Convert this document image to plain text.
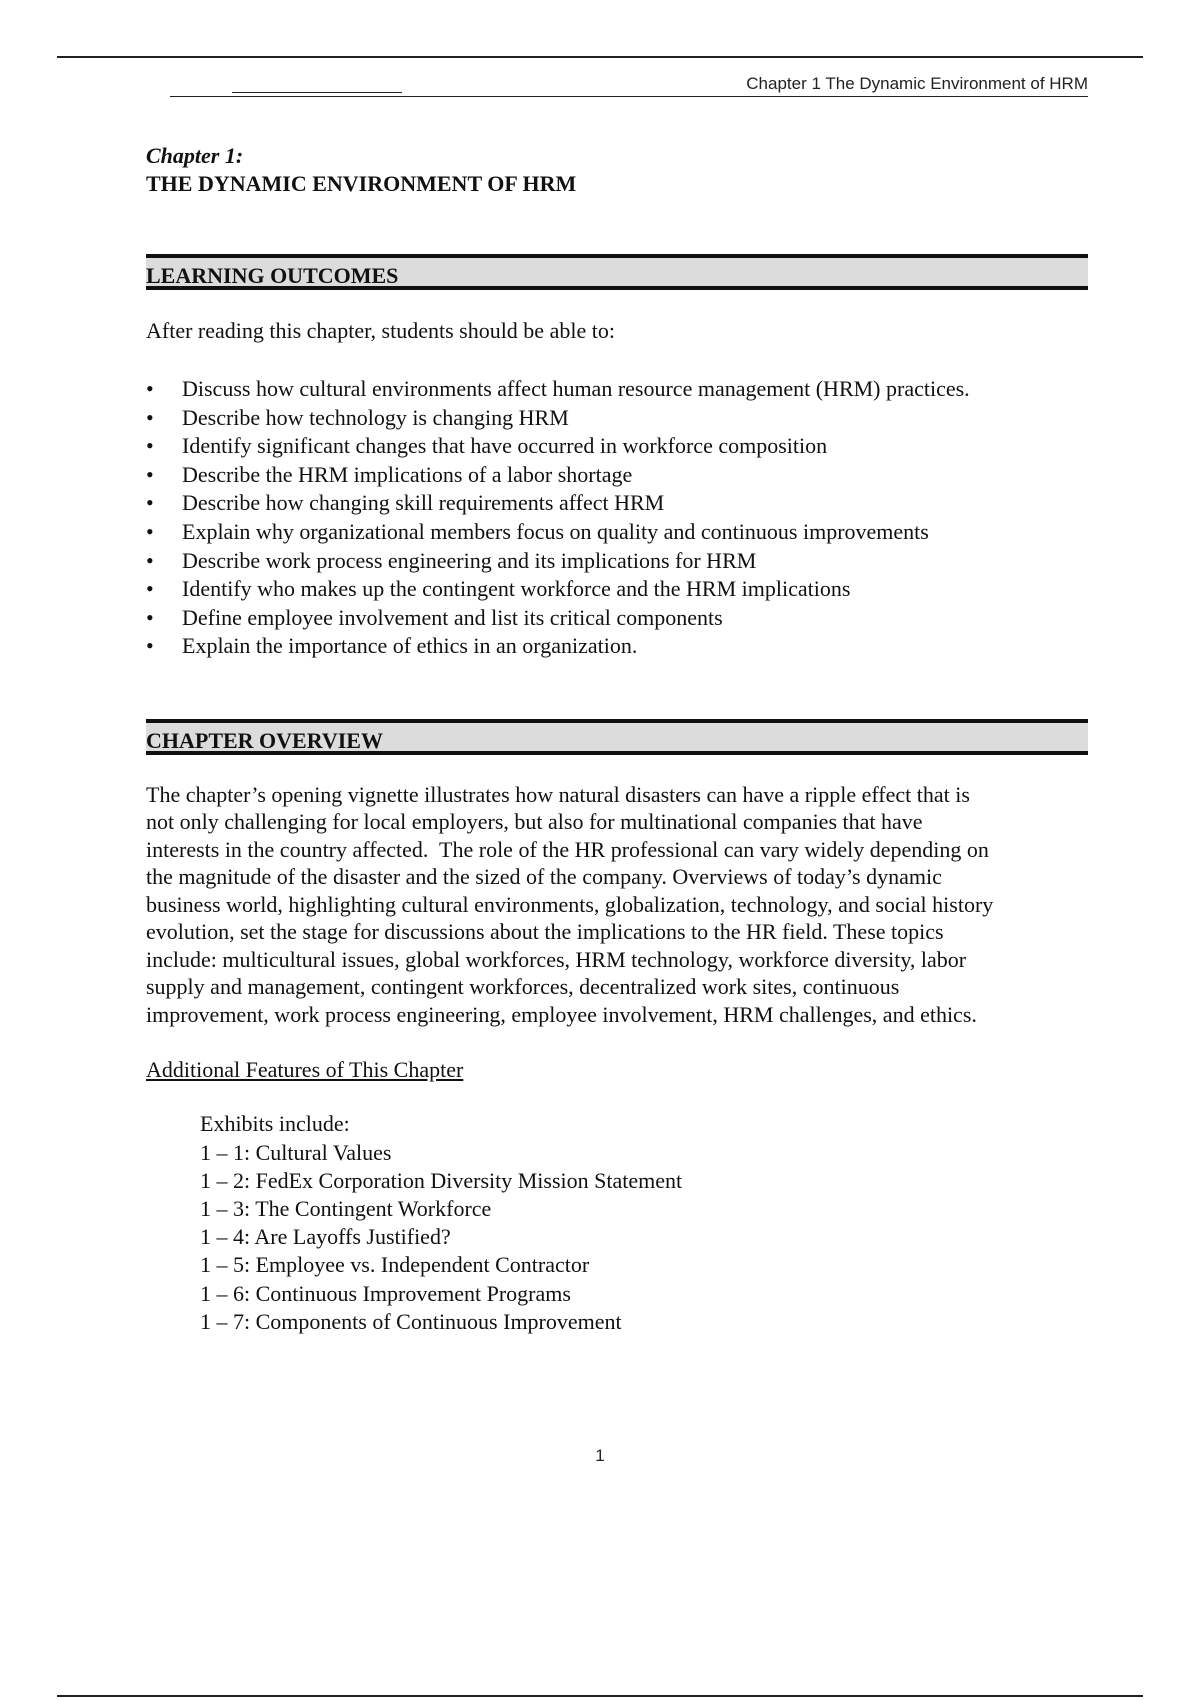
Chapter 1 The Dynamic Environment of HRM

Chapter 1:

THE DYNAMIC ENVIRONMENT OF HRM

LEARNING OUTCOMES

After reading this chapter, students should be able to:

• Discuss how cultural environments affect human resource management (HRM) practices.
• Describe how technology is changing HRM
• Identify significant changes that have occurred in workforce composition
• Describe the HRM implications of a labor shortage
• Describe how changing skill requirements affect HRM
• Explain why organizational members focus on quality and continuous improvements
• Describe work process engineering and its implications for HRM
• Identify who makes up the contingent workforce and the HRM implications
• Define employee involvement and list its critical components
• Explain the importance of ethics in an organization.
CHAPTER OVERVIEW
The chapter’s opening vignette illustrates how natural disasters can have a ripple effect that is
not only challenging for local employers, but also for multinational companies that have
interests in the country affected.  The role of the HR professional can vary widely depending on
the magnitude of the disaster and the sized of the company. Overviews of today’s dynamic
business world, highlighting cultural environments, globalization, technology, and social history
evolution, set the stage for discussions about the implications to the HR field. These topics
include: multicultural issues, global workforces, HRM technology, workforce diversity, labor
supply and management, contingent workforces, decentralized work sites, continuous
improvement, work process engineering, employee involvement, HRM challenges, and ethics.
Additional Features of This Chapter
Exhibits include:
1 – 1: Cultural Values
1 – 2: FedEx Corporation Diversity Mission Statement
1 – 3: The Contingent Workforce
1 – 4: Are Layoffs Justified?
1 – 5: Employee vs. Independent Contractor
1 – 6: Continuous Improvement Programs
1 – 7: Components of Continuous Improvement
1
